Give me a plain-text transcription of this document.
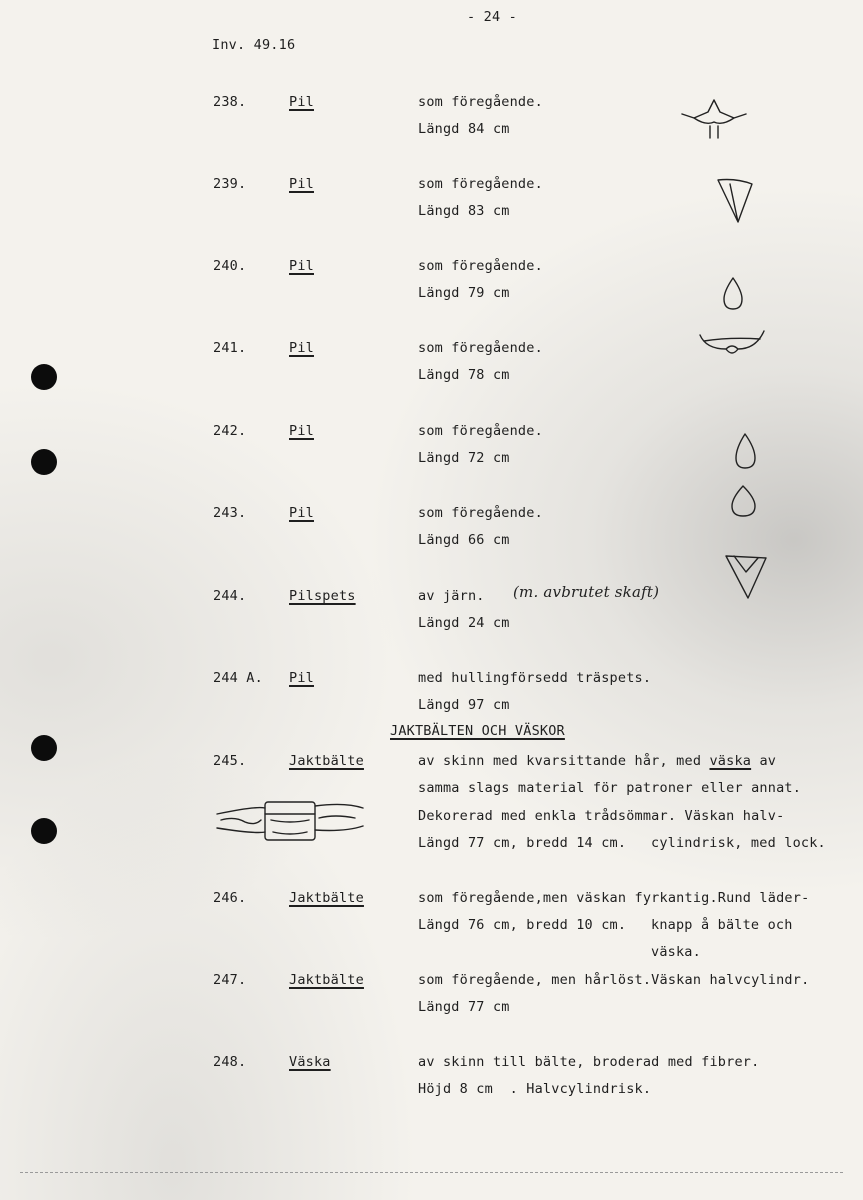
- 24 -
Inv. 49.16
238.	Pil	som föregående.
Längd 84 cm
239.	Pil	som föregående.
Längd 83 cm
240.	Pil	som föregående.
Längd 79 cm
241.	Pil	som föregående.
Längd 78 cm
242.	Pil	som föregående.
Längd 72 cm
243.	Pil	som föregående.
Längd 66 cm
244.	Pilspets	av järn. (m. avbrutet skaft)
Längd 24 cm
244 A. Pil	med hullingförsedd träspets.
Längd 97 cm
JAKTBÄLTEN OCH VÄSKOR
245.	Jaktbälte	av skinn med kvarsittande hår, med väska av
samma slags material för patroner eller annat.
Dekorerad med enkla trådsömmar. Väskan halv-
Längd 77 cm, bredd 14 cm. cylindrisk, med lock.
246.	Jaktbälte	som föregående,men väskan fyrkantig.Rund läder-
Längd 76 cm, bredd 10 cm. knapp å bälte och
väska.
247.	Jaktbälte	som föregående, men hårlöst.Väskan halvcylindr.
Längd 77 cm
248.	Väska	av skinn till bälte, broderad med fibrer.
Höjd 8 cm  . Halvcylindrisk.
